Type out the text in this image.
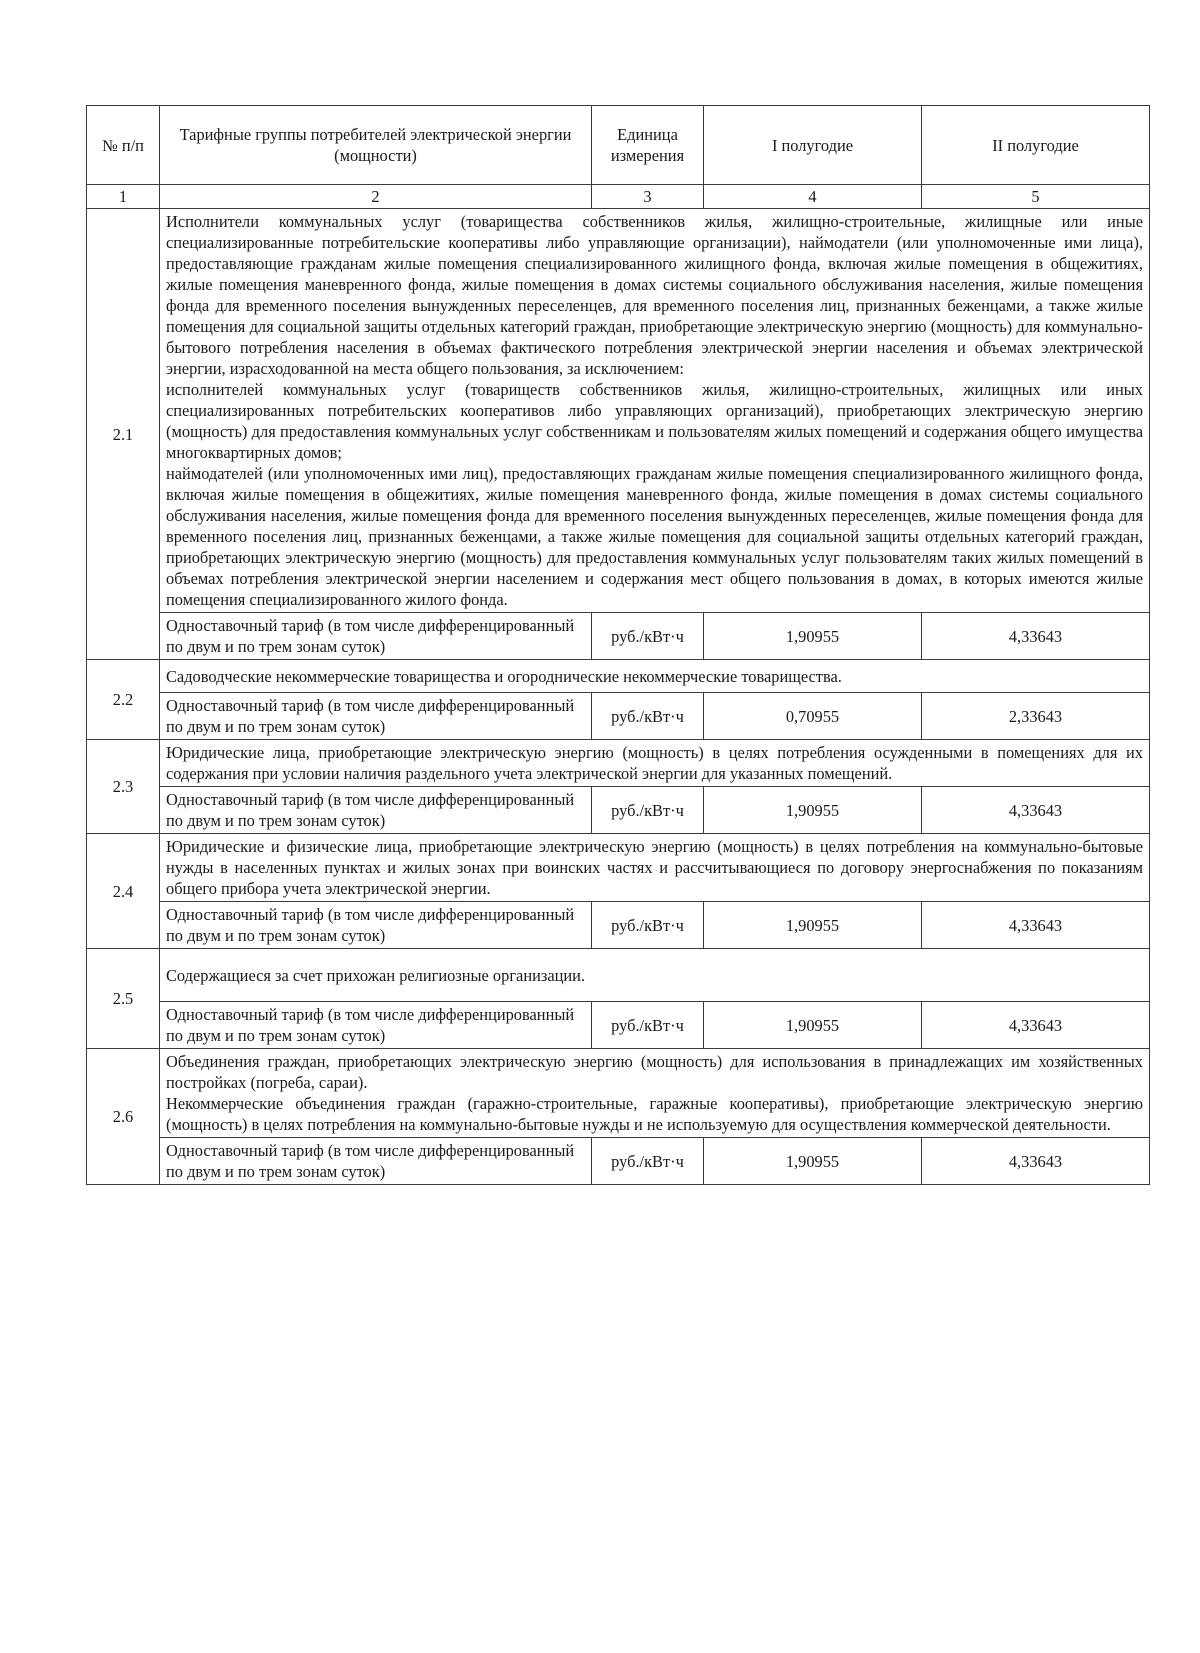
№ п/п	Тарифные группы потребителей электрической энергии (мощности)	Единица измерения	I полугодие	II полугодие
1	2	3	4	5
2.1	Исполнители коммунальных услуг (товарищества собственников жилья, жилищно-строительные, жилищные или иные специализированные потребительские кооперативы либо управляющие организации), наймодатели (или уполномоченные ими лица), предоставляющие гражданам жилые помещения специализированного жилищного фонда, включая жилые помещения в общежитиях, жилые помещения маневренного фонда, жилые помещения в домах системы социального обслуживания населения, жилые помещения фонда для временного поселения вынужденных переселенцев, для временного поселения лиц, признанных беженцами, а также жилые помещения для социальной защиты отдельных категорий граждан, приобретающие электрическую энергию (мощность) для коммунально-бытового потребления населения в объемах фактического потребления электрической энергии населения и объемах электрической энергии, израсходованной на места общего пользования, за исключением:
исполнителей коммунальных услуг (товариществ собственников жилья, жилищно-строительных, жилищных или иных специализированных потребительских кооперативов либо управляющих организаций), приобретающих электрическую энергию (мощность) для предоставления коммунальных услуг собственникам и пользователям жилых помещений и содержания общего имущества многоквартирных домов;
наймодателей (или уполномоченных ими лиц), предоставляющих гражданам жилые помещения специализированного жилищного фонда, включая жилые помещения в общежитиях, жилые помещения маневренного фонда, жилые помещения в домах системы социального обслуживания населения, жилые помещения фонда для временного поселения вынужденных переселенцев, жилые помещения фонда для временного поселения лиц, признанных беженцами, а также жилые помещения для социальной защиты отдельных категорий граждан, приобретающих электрическую энергию (мощность) для предоставления коммунальных услуг пользователям таких жилых помещений в объемах потребления электрической энергии населением и содержания мест общего пользования в домах, в которых имеются жилые помещения специализированного жилого фонда.			

	Одноставочный тариф (в том числе дифференцированный по двум и по трем зонам суток)	руб./кВт·ч	1,90955	4,33643
2.2	Садоводческие некоммерческие товарищества и огороднические некоммерческие товарищества.			

	Одноставочный тариф (в том числе дифференцированный по двум и по трем зонам суток)	руб./кВт·ч	0,70955	2,33643
2.3	Юридические лица, приобретающие электрическую энергию (мощность) в целях потребления осужденными в помещениях для их содержания при условии наличия раздельного учета электрической энергии для указанных помещений.			

	Одноставочный тариф (в том числе дифференцированный по двум и по трем зонам суток)	руб./кВт·ч	1,90955	4,33643
2.4	Юридические и физические лица, приобретающие электрическую энергию (мощность) в целях потребления на коммунально-бытовые нужды в населенных пунктах и жилых зонах при воинских частях и рассчитывающиеся по договору энергоснабжения по показаниям общего прибора учета электрической энергии.			

	Одноставочный тариф (в том числе дифференцированный по двум и по трем зонам суток)	руб./кВт·ч	1,90955	4,33643
2.5	Содержащиеся за счет прихожан религиозные организации.			

	Одноставочный тариф (в том числе дифференцированный по двум и по трем зонам суток)	руб./кВт·ч	1,90955	4,33643
2.6	Объединения граждан, приобретающих электрическую энергию (мощность) для использования в принадлежащих им хозяйственных постройках (погреба, сараи).
Некоммерческие объединения граждан (гаражно-строительные, гаражные кооперативы), приобретающие электрическую энергию (мощность) в целях потребления на коммунально-бытовые нужды и не используемую для осуществления коммерческой деятельности.			

	Одноставочный тариф (в том числе дифференцированный по двум и по трем зонам суток)	руб./кВт·ч	1,90955	4,33643
